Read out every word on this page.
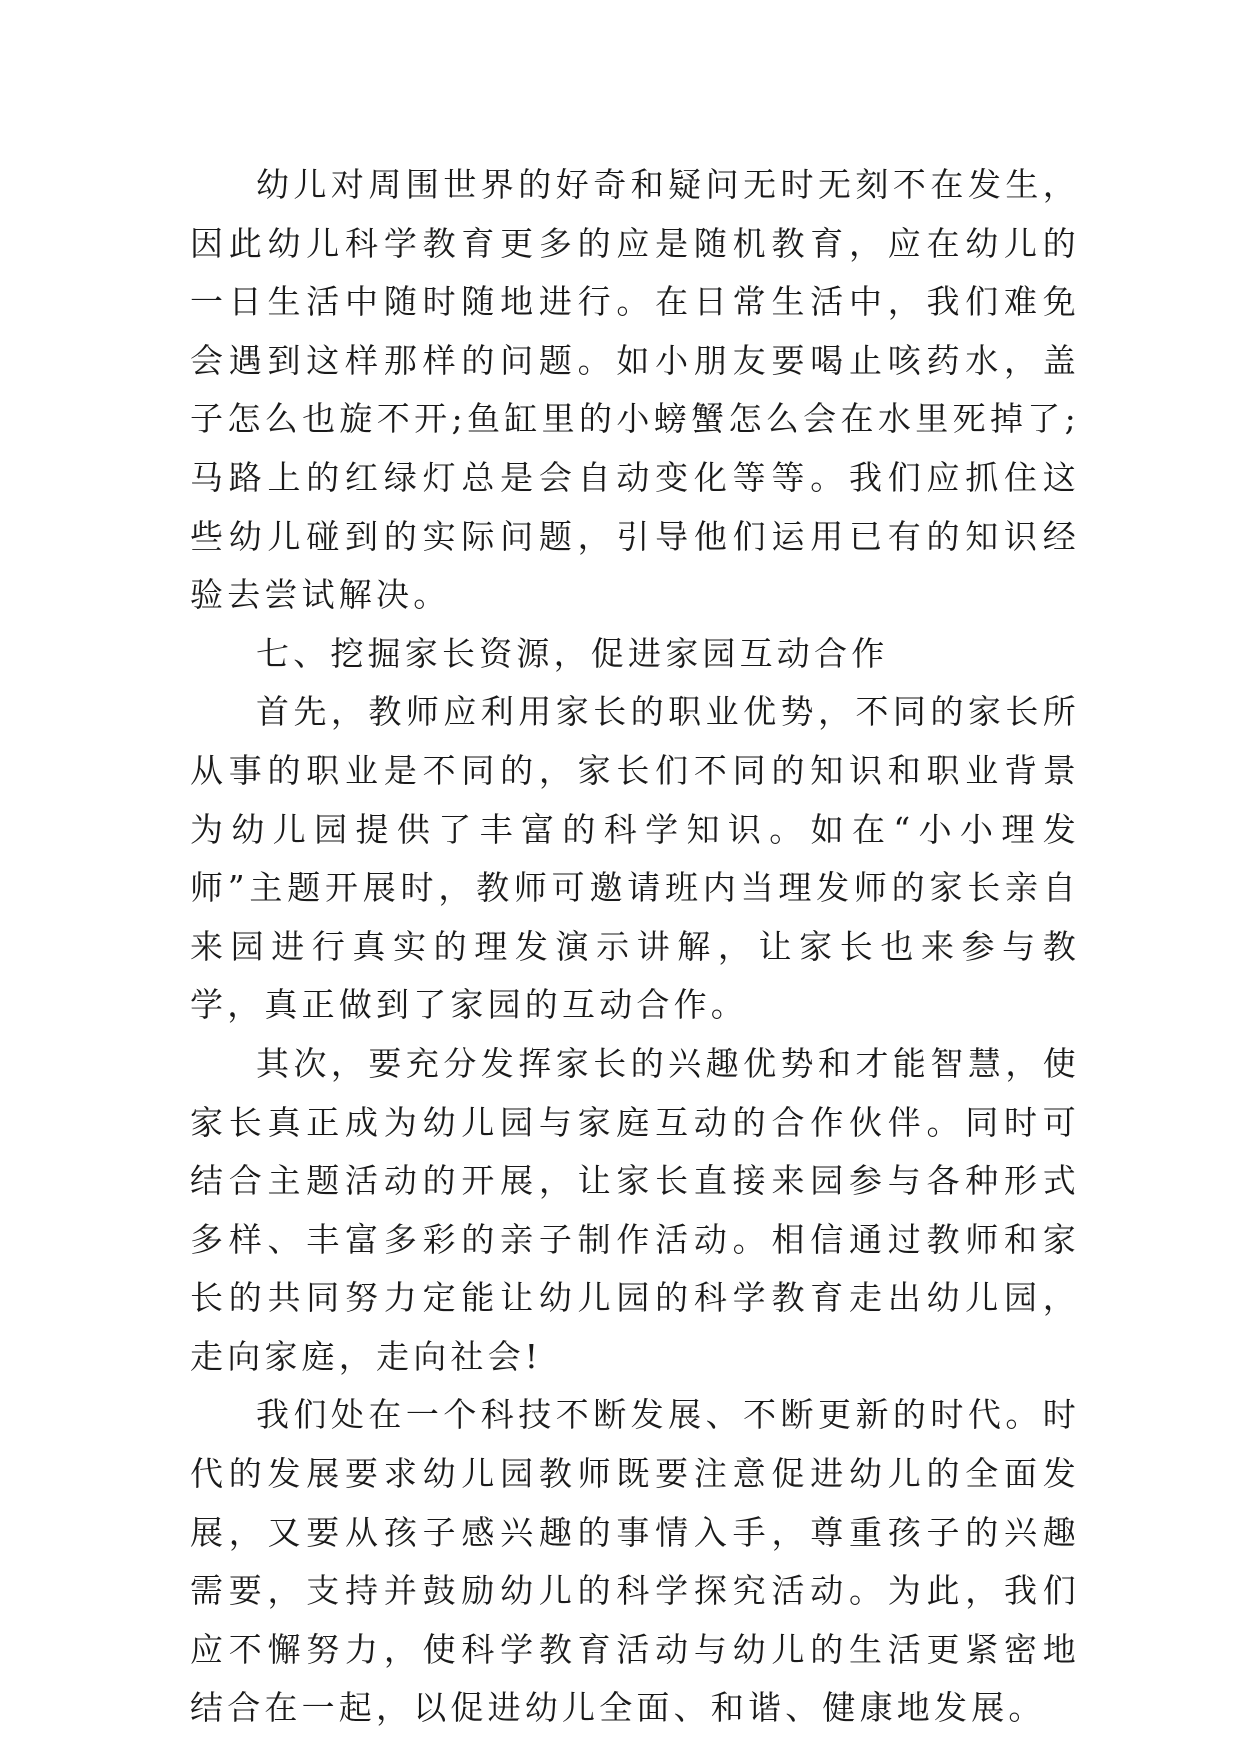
幼儿对周围世界的好奇和疑问无时无刻不在发生，因此幼儿科学教育更多的应是随机教育，应在幼儿的一日生活中随时随地进行。在日常生活中，我们难免会遇到这样那样的问题。如小朋友要喝止咳药水，盖子怎么也旋不开;鱼缸里的小螃蟹怎么会在水里死掉了;马路上的红绿灯总是会自动变化等等。我们应抓住这些幼儿碰到的实际问题，引导他们运用已有的知识经验去尝试解决。

七、挖掘家长资源，促进家园互动合作

首先，教师应利用家长的职业优势，不同的家长所从事的职业是不同的，家长们不同的知识和职业背景为幼儿园提供了丰富的科学知识。如在“小小理发师”主题开展时，教师可邀请班内当理发师的家长亲自来园进行真实的理发演示讲解，让家长也来参与教学，真正做到了家园的互动合作。

其次，要充分发挥家长的兴趣优势和才能智慧，使家长真正成为幼儿园与家庭互动的合作伙伴。同时可结合主题活动的开展，让家长直接来园参与各种形式多样、丰富多彩的亲子制作活动。相信通过教师和家长的共同努力定能让幼儿园的科学教育走出幼儿园，走向家庭，走向社会!

我们处在一个科技不断发展、不断更新的时代。时代的发展要求幼儿园教师既要注意促进幼儿的全面发展，又要从孩子感兴趣的事情入手，尊重孩子的兴趣需要，支持并鼓励幼儿的科学探究活动。为此，我们应不懈努力，使科学教育活动与幼儿的生活更紧密地结合在一起，以促进幼儿全面、和谐、健康地发展。
